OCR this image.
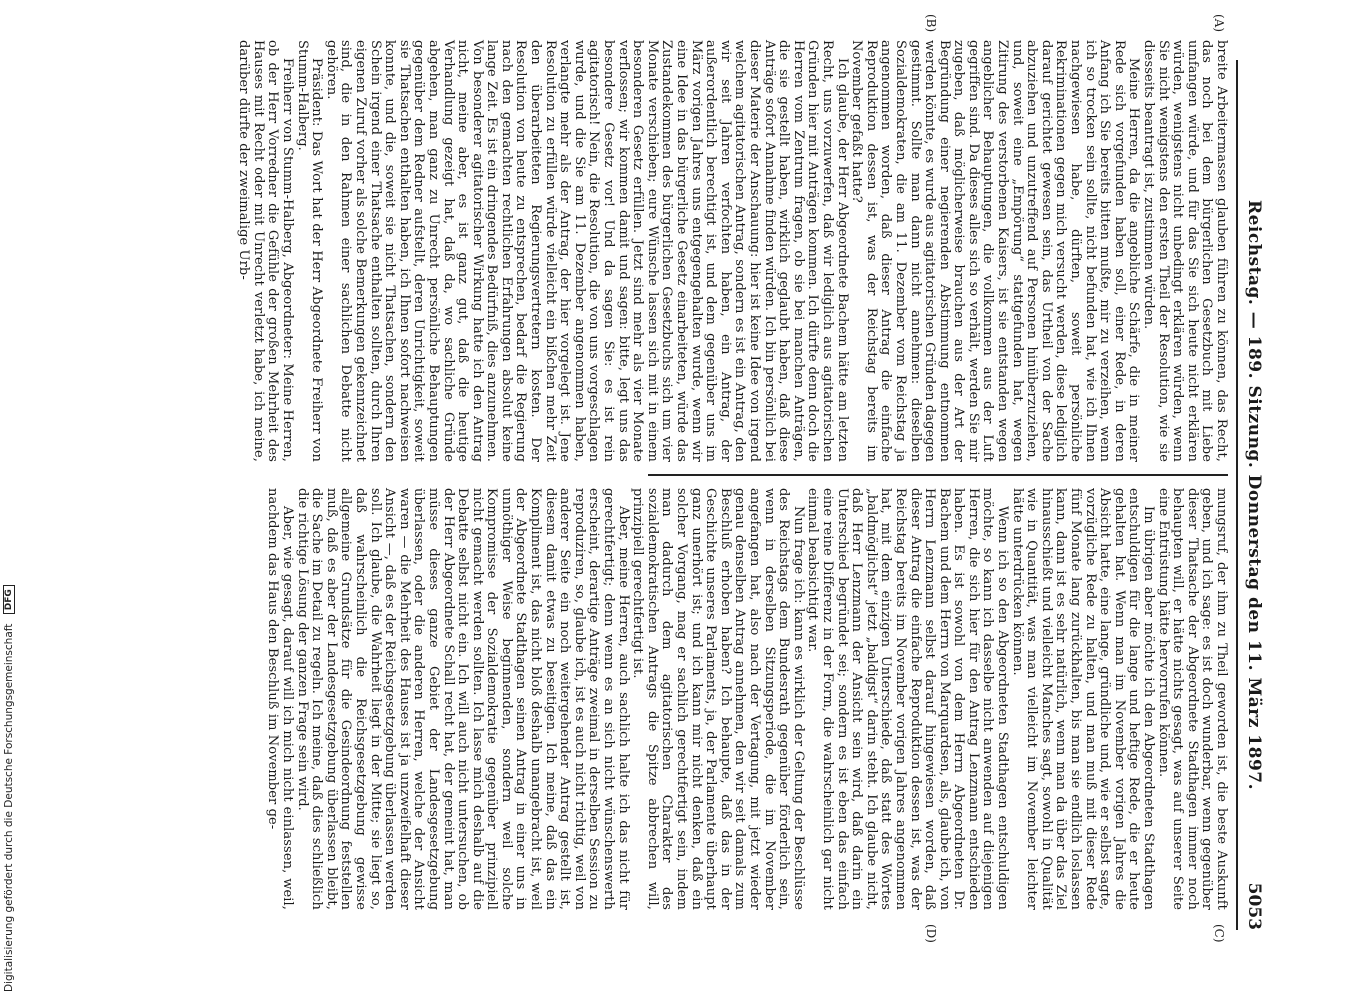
Reichstag. — 189. Sitzung. Donnerstag den 11. März 1897.
5053
(A)
(B)
(C)
(D)

breite Arbeitermassen glauben führen zu können, das Recht, das noch bei dem bürgerlichen Gesetzbuch mit Liebe umfangen würde, und für das Sie sich heute nicht erklären würden, wenigstens nicht unbedingt erklären würden, wenn Sie nicht wenigstens den ersten Theil der Resolution, wie sie diesseits beantragt ist, zustimmen würden.

Meine Herren, da die angebliche Schärfe, die in meiner Rede sich vorgefunden haben soll, einer Rede, in deren Anfang ich Sie bereits bitten mußte, mir zu verzeihen, wenn ich so trocken sein sollte, nicht befunden hat, wie ich Ihnen nachgewiesen habe, dürften, soweit persönliche Rekriminationen gegen mich versucht werden, diese lediglich darauf gerichtet gewesen sein, das Urtheil von der Sache abzuziehen und unzutreffend auf Personen hinüberzuziehen, und, soweit eine „Empörung“ stattgefunden hat, wegen Zitirung des verstorbenen Kaisers, ist sie entstanden wegen angeblicher Behauptungen, die vollkommen aus der Luft gegriffen sind. Da dieses alles sich so verhält, werden Sie mir zugeben, daß möglicherweise brauchen aus der Art der Begründung einer negierenden Abstimmung entnommen werden könnte, es wurde aus agitatorischen Gründen dagegen gestimmt. Sollte man dann nicht annehmen: dieselben Sozialdemokraten, die am 11. Dezember vom Reichstag ja angenommen worden, daß dieser Antrag die einfache Reproduktion dessen ist, was der Reichstag bereits im November gefaßt hatte?

Ich glaube, der Herr Abgeordnete Bachem hätte am letzten Recht, uns vorzuwerfen, daß wir lediglich aus agitatorischen Gründen hier mit Anträgen kommen. Ich dürfte denn doch die Herren vom Zentrum fragen, ob sie bei manchen Anträgen, die sie gestellt haben, wirklich geglaubt haben, daß diese Anträge sofort Annahme finden würden. Ich bin persönlich bei dieser Materie der Anschauung: hier ist keine Idee von irgend welchem agitatorischen Antrag, sondern es ist ein Antrag, den wir seit Jahren verfochten haben, ein Antrag, der außerordentlich berechtigt ist, und dem gegenüber uns im März vorigen Jahres uns entgegengehalten wurde, wenn wir eine Idee in das bürgerliche Gesetz einarbeiteten, würde das Zustandekommen des bürgerlichen Gesetzbuchs sich um vier Monate verschieben; eure Wünsche lassen sich mit in einem besonderen Gesetz erfüllen. Jetzt sind mehr als vier Monate verflossen; wir kommen damit und sagen: bitte, legt uns das besondere Gesetz vor! Und da sagen Sie: es ist rein agitatorisch! Nein, die Resolution, die von uns vorgeschlagen wurde, und die Sie am 11. Dezember angenommen haben, verlangte mehr als der Antrag, der hier vorgelegt ist. Jene Resolution zu erfüllen würde vielleicht ein bißchen mehr Zeit den überarbeiteten Regierungsvertretern kosten. Der Resolution von heute zu entsprechen, bedarf die Regierung nach den gemachten rechtlichen Erfahrungen absolut keine lange Zeit. Es ist ein dringendes Bedürfniß, dies anzunehmen. Von besonderer agitatorischer Wirkung hatte ich den Antrag nicht, meine aber, es ist ganz gut, daß die heutige Verhandlung gezeigt hat, daß da, wo sachliche Gründe abgehen, man ganz zu Unrecht persönliche Behauptungen gegenüber dem Redner aufstellt, deren Unrichtigkeit, soweit sie Thatsachen enthalten haben, ich Ihnen sofort nachweisen konnte, und die, soweit sie nicht Thatsachen, sondern den Schein irgend einer Thatsache enthalten sollten, durch Ihren eigenen Zuruf vorher als solche Bemerkungen gekennzeichnet sind, die in den Rahmen einer sachlichen Debatte nicht gehören.

Präsident: Das Wort hat der Herr Abgeordnete Freiherr von Stumm-Halberg.

Freiherr von Stumm-Halberg, Abgeordneter: Meine Herren, ob der Herr Vorredner die Gefühle der großen Mehrheit des Hauses mit Recht oder mit Unrecht verletzt habe, ich meine, darüber dürfte der zweimalige Urb-

mungsruf, der ihm zu Theil geworden ist, die beste Auskunft geben, und ich sage: es ist doch wunderbar, wenn gegenüber dieser Thatsache der Abgeordnete Stadthagen immer noch behaupten will, er hätte nichts gesagt, was auf unserer Seite eine Entrüstung hätte hervorrufen können.

Im übrigen aber möchte ich den Abgeordneten Stadthagen entschuldigen für die lange und heftige Rede, die er heute gehalten hat. Wenn man im November vorigen Jahres die Absicht hatte, eine lange, gründliche und, wie er selbst sagte, vorzügliche Rede zu halten, und man muß mit dieser Rede fünf Monate lang zurückhalten, bis man sie endlich loslassen kann, dann ist es sehr natürlich, wenn man da über das Ziel hinausschießt und vielleicht Manches sagt, sowohl in Qualität wie in Quantität, was man vielleicht im November leichter hätte unterdrücken können.

Wenn ich so den Abgeordneten Stadthagen entschuldigen möchte, so kann ich dasselbe nicht anwenden auf diejenigen Herren, die sich hier für den Antrag Lenzmann entschieden haben. Es ist sowohl von dem Herrn Abgeordneten Dr. Bachem und dem Herrn von Marquardsen, als, glaube ich, von Herrn Lenzmann selbst darauf hingewiesen worden, daß dieser Antrag die einfache Reproduktion dessen ist, was der Reichstag bereits im November vorigen Jahres angenommen hat, mit dem einzigen Unterschiede, daß statt des Wortes „baldmöglichst“ jetzt „baldigst“ darin steht. Ich glaube nicht, daß Herr Lenzmann der Ansicht sein wird, daß darin ein Unterschied begründet sei; sondern es ist eben das einfach eine reine Differenz in der Form, die wahrscheinlich gar nicht einmal beabsichtigt war.

Nun frage ich: kann es wirklich der Geltung der Beschlüsse des Reichstags dem Bundesrath gegenüber förderlich sein, wenn in derselben Sitzungsperiode, die im November angefangen hat, also nach der Vertagung, mit jetzt wieder genau denselben Antrag annehmen, den wir seit damals zum Beschluß erhoben haben? Ich behaupte, daß das in der Geschichte unseres Parlaments, ja, der Parlamente überhaupt ganz unerhört ist; und ich kann mir nicht denken, daß ein solcher Vorgang, mag er sachlich gerechtfertigt sein, indem man dadurch dem agitatorischen Charakter des sozialdemokratischen Antrags die Spitze abbrechen will, prinzipiell gerechtfertigt ist.

Aber, meine Herren, auch sachlich halte ich das nicht für gerechtfertigt; denn wenn es an sich nicht wünschenswerth erscheint, derartige Anträge zweimal in derselben Session zu reproduziren, so, glaube ich, ist es auch nicht richtig, weil von anderer Seite ein noch weitergehender Antrag gestellt ist, diesem damit etwas zu beseitigen. Ich meine, daß das ein Kompliment ist, das nicht bloß deshalb unangebracht ist, weil der Abgeordnete Stadthagen seinen Antrag in einer uns in unnöthiger Weise beginnenden, sondern weil solche Kompromisse der Sozialdemokratie gegenüber prinzipiell nicht gemacht werden sollten. Ich lasse mich deshalb auf die Debatte selbst nicht ein. Ich will auch nicht untersuchen, ob der Herr Abgeordnete Schall recht hat, der gemeint hat, man müsse dieses ganze Gebiet der Landesgesetzgebung überlassen, oder die anderen Herren, welche der Ansicht waren — die Mehrheit des Hauses ist ja unzweifelhaft dieser Ansicht —, daß es der Reichsgesetzgebung überlassen werden soll. Ich glaube, die Wahrheit liegt in der Mitte; sie liegt so, daß wahrscheinlich die Reichsgesetzgebung gewisse allgemeine Grundsätze für die Gesindeordnung feststellen muß, daß es aber der Landesgesetzgebung überlassen bleibt, die Sache im Detail zu regeln. Ich meine, daß dies schließlich die richtige Lösung der ganzen Frage sein wird.

Aber, wie gesagt, darauf will ich mich nicht einlassen, weil, nachdem das Haus den Beschluß im November ge-

Digitalisierung gefördert durch die Deutsche Forschungsgemeinschaft DFG
